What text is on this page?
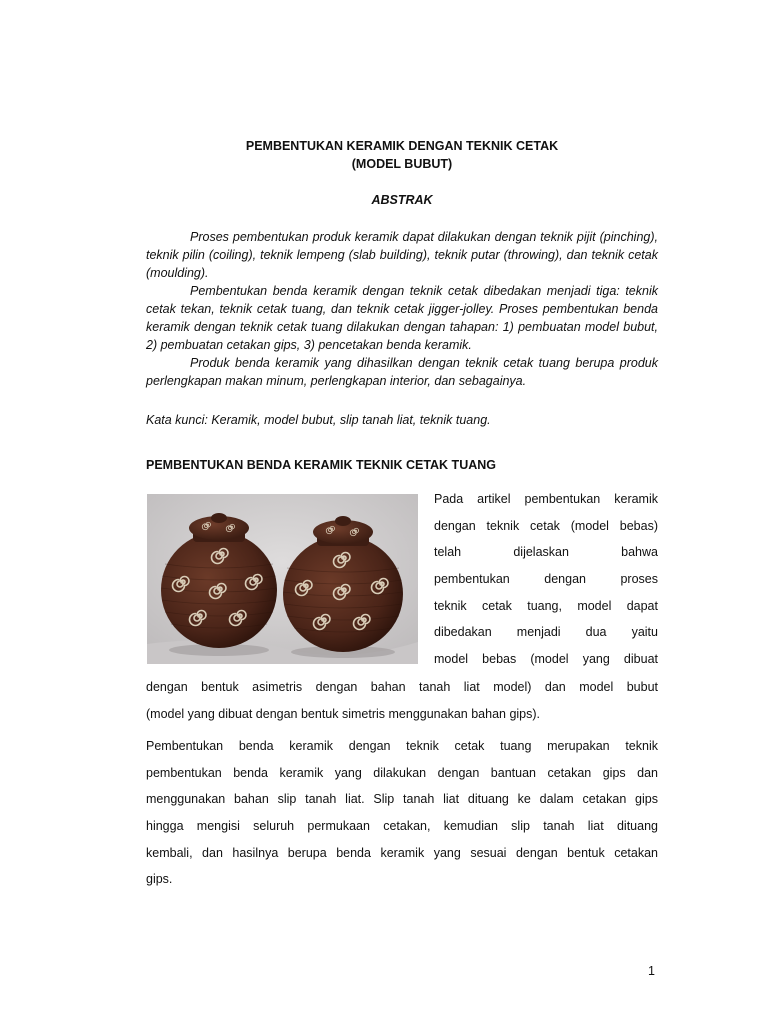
PEMBENTUKAN KERAMIK DENGAN TEKNIK CETAK
(MODEL BUBUT)
ABSTRAK

Proses pembentukan produk keramik dapat dilakukan dengan teknik pijit (pinching), teknik pilin (coiling), teknik lempeng (slab building), teknik putar (throwing), dan teknik cetak (moulding).

Pembentukan benda keramik dengan teknik cetak dibedakan menjadi tiga: teknik cetak tekan, teknik cetak tuang, dan teknik cetak jigger-jolley. Proses pembentukan benda keramik dengan teknik cetak tuang dilakukan dengan tahapan: 1) pembuatan model bubut, 2) pembuatan cetakan gips, 3) pencetakan benda keramik.

Produk benda keramik yang dihasilkan dengan teknik cetak tuang berupa produk perlengkapan makan minum, perlengkapan interior, dan sebagainya.

Kata kunci: Keramik, model bubut, slip tanah liat, teknik tuang.
PEMBENTUKAN BENDA KERAMIK TEKNIK CETAK TUANG
Pada artikel pembentukan keramik
dengan teknik cetak (model bebas)
telah dijelaskan bahwa
pembentukan dengan proses
teknik cetak tuang, model dapat
dibedakan menjadi dua yaitu
model bebas (model yang dibuat
dengan bentuk asimetris dengan bahan tanah liat model) dan model bubut
(model yang dibuat dengan bentuk simetris menggunakan bahan gips).
Pembentukan benda keramik dengan teknik cetak tuang merupakan teknik
pembentukan benda keramik yang dilakukan dengan bantuan cetakan gips dan
menggunakan bahan slip tanah liat. Slip tanah liat dituang ke dalam cetakan gips
hingga mengisi seluruh permukaan cetakan, kemudian slip tanah liat dituang
kembali, dan hasilnya berupa benda keramik yang sesuai dengan bentuk cetakan
gips.
1
